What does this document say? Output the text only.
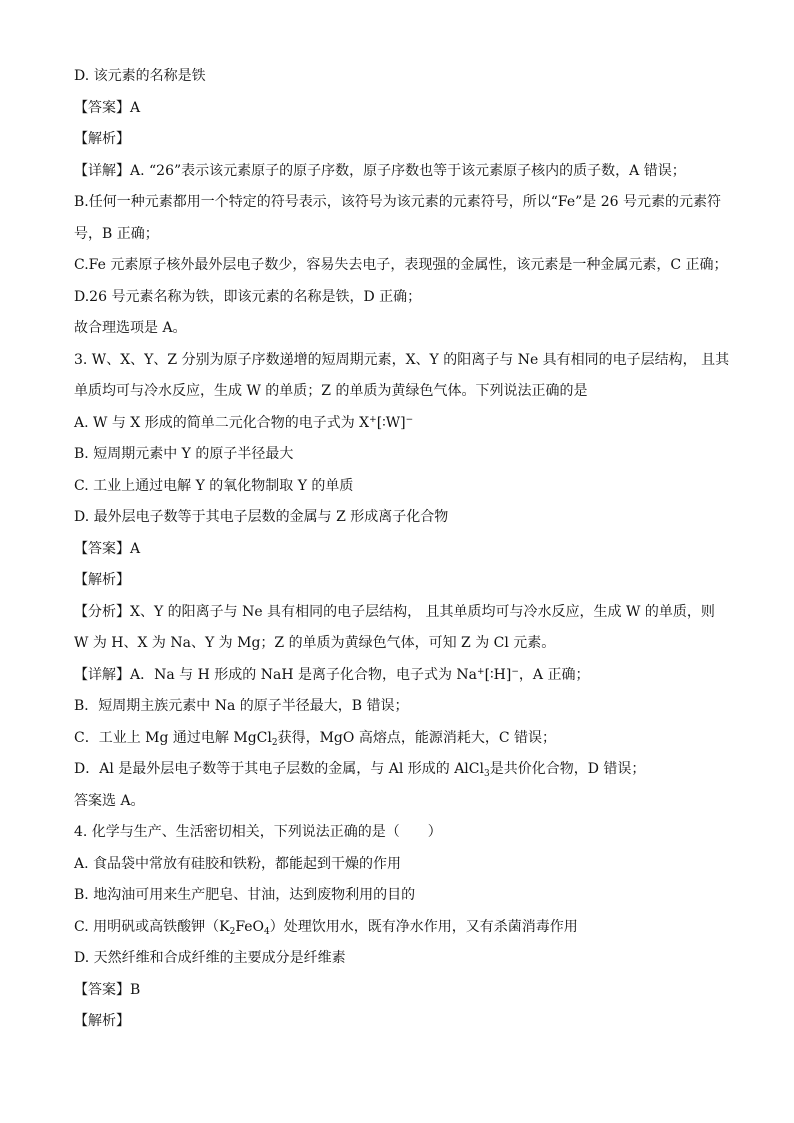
D. 该元素的名称是铁
【答案】A
【解析】
【详解】A. “26”表示该元素原子的原子序数，原子序数也等于该元素原子核内的质子数，A 错误；
B.任何一种元素都用一个特定的符号表示，该符号为该元素的元素符号，所以“Fe”是 26 号元素的元素符
号，B 正确；
C.Fe 元素原子核外最外层电子数少，容易失去电子，表现强的金属性，该元素是一种金属元素，C 正确；
D.26 号元素名称为铁，即该元素的名称是铁，D 正确；
故合理选项是 A。
3. W、X、Y、Z 分别为原子序数递增的短周期元素，X、Y 的阳离子与 Ne 具有相同的电子层结构， 且其
单质均可与冷水反应，生成 W 的单质；Z 的单质为黄绿色气体。下列说法正确的是
A. W 与 X 形成的简单二元化合物的电子式为 X+[∶W]−
B. 短周期元素中 Y 的原子半径最大
C. 工业上通过电解 Y 的氧化物制取 Y 的单质
D. 最外层电子数等于其电子层数的金属与 Z 形成离子化合物
【答案】A
【解析】
【分析】X、Y 的阳离子与 Ne 具有相同的电子层结构， 且其单质均可与冷水反应，生成 W 的单质，则
W 为 H、X 为 Na、Y 为 Mg；Z 的单质为黄绿色气体，可知 Z 为 Cl 元素。
【详解】A．Na 与 H 形成的 NaH 是离子化合物，电子式为 Na+[∶H]−，A 正确；
B．短周期主族元素中 Na 的原子半径最大，B 错误；
C．工业上 Mg 通过电解 MgCl$_2$获得，MgO 高熔点，能源消耗大，C 错误；
D．Al 是最外层电子数等于其电子层数的金属，与 Al 形成的 AlCl$_3$是共价化合物，D 错误；
答案选 A。
4. 化学与生产、生活密切相关，下列说法正确的是（　　）
A. 食品袋中常放有硅胶和铁粉，都能起到干燥的作用
B. 地沟油可用来生产肥皂、甘油，达到废物利用的目的
C. 用明矾或高铁酸钾$(K_2FeO_4)$处理饮用水，既有净水作用，又有杀菌消毒作用
D. 天然纤维和合成纤维的主要成分是纤维素
【答案】B
【解析】
